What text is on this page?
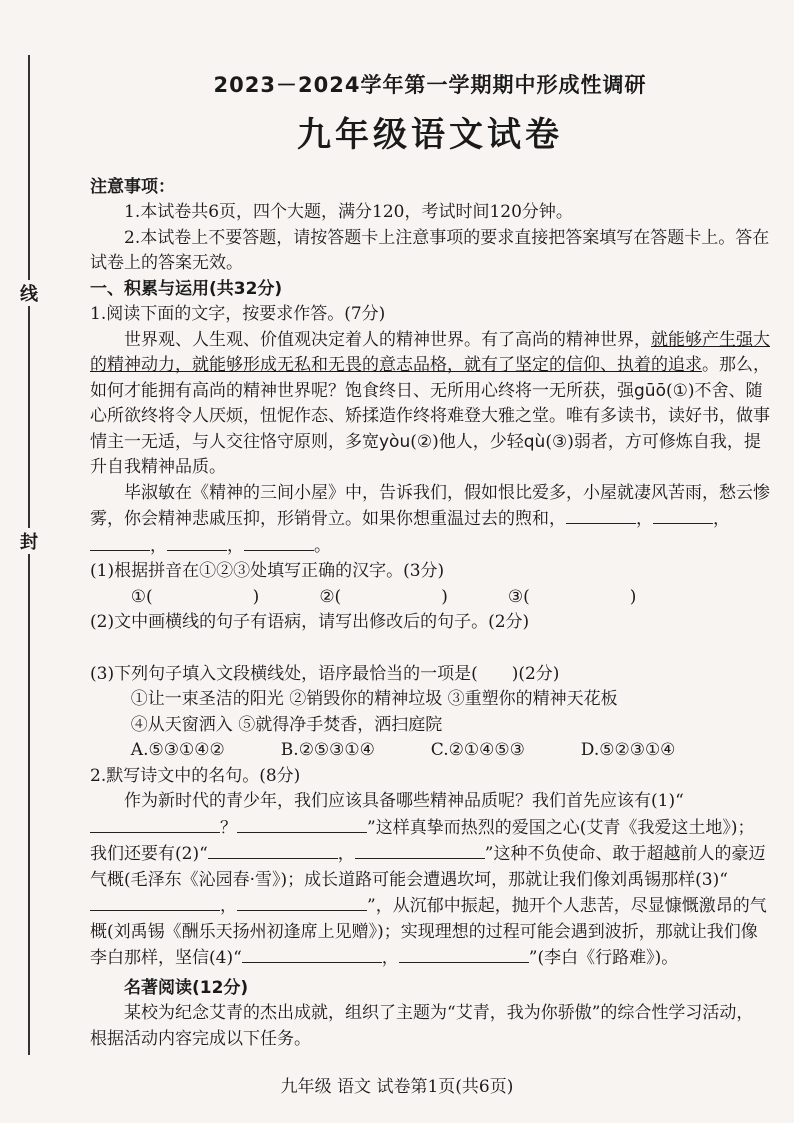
线
封
2023－2024学年第一学期期中形成性调研
九年级语文试卷

注意事项：

1.本试卷共6页，四个大题，满分120，考试时间120分钟。

2.本试卷上不要答题，请按答题卡上注意事项的要求直接把答案填写在答题卡上。答在试卷上的答案无效。

一、积累与运用(共32分)

1.阅读下面的文字，按要求作答。(7分)

世界观、人生观、价值观决定着人的精神世界。有了高尚的精神世界，就能够产生强大的精神动力，就能够形成无私和无畏的意志品格，就有了坚定的信仰、执着的追求。那么，如何才能拥有高尚的精神世界呢？饱食终日、无所用心终将一无所获，强gūō(①)不舍、随心所欲终将令人厌烦，忸怩作态、矫揉造作终将难登大雅之堂。唯有多读书，读好书，做事情主一无适，与人交往恪守原则，多宽yòu(②)他人，少轻qù(③)弱者，方可修炼自我，提升自我精神品质。

毕淑敏在《精神的三间小屋》中，告诉我们，假如恨比爱多，小屋就凄风苦雨，愁云惨雾，你会精神悲戚压抑，形销骨立。如果你想重温过去的煦和，	，	，，	，	。

(1)根据拼音在①②③处填写正确的汉字。(3分)

①(	)	②(	)	③(	)

(2)文中画横线的句子有语病，请写出修改后的句子。(2分)

(3)下列句子填入文段横线处，语序最恰当的一项是(　　)(2分)

①让一束圣洁的阳光 ②销毁你的精神垃圾 ③重塑你的精神天花板

④从天窗洒入 ⑤就得净手焚香，洒扫庭院

A.⑤③①④②	B.②⑤③①④	C.②①④⑤③	D.⑤②③①④

2.默写诗文中的名句。(8分)

作为新时代的青少年，我们应该具备哪些精神品质呢？我们首先应该有(1)“？	”这样真挚而热烈的爱国之心(艾青《我爱这土地》)；我们还要有(2)“	，	”这种不负使命、敢于超越前人的豪迈气概(毛泽东《沁园春·雪》)；成长道路可能会遭遇坎坷，那就让我们像刘禹锡那样(3)“，	”，从沉郁中振起，抛开个人悲苦，尽显慷慨激昂的气概(刘禹锡《酬乐天扬州初逢席上见赠》)；实现理想的过程可能会遇到波折，那就让我们像李白那样，坚信(4)“	，	”(李白《行路难》)。

名著阅读(12分)

某校为纪念艾青的杰出成就，组织了主题为“艾青，我为你骄傲”的综合性学习活动，根据活动内容完成以下任务。

九年级 语文 试卷第1页(共6页)
